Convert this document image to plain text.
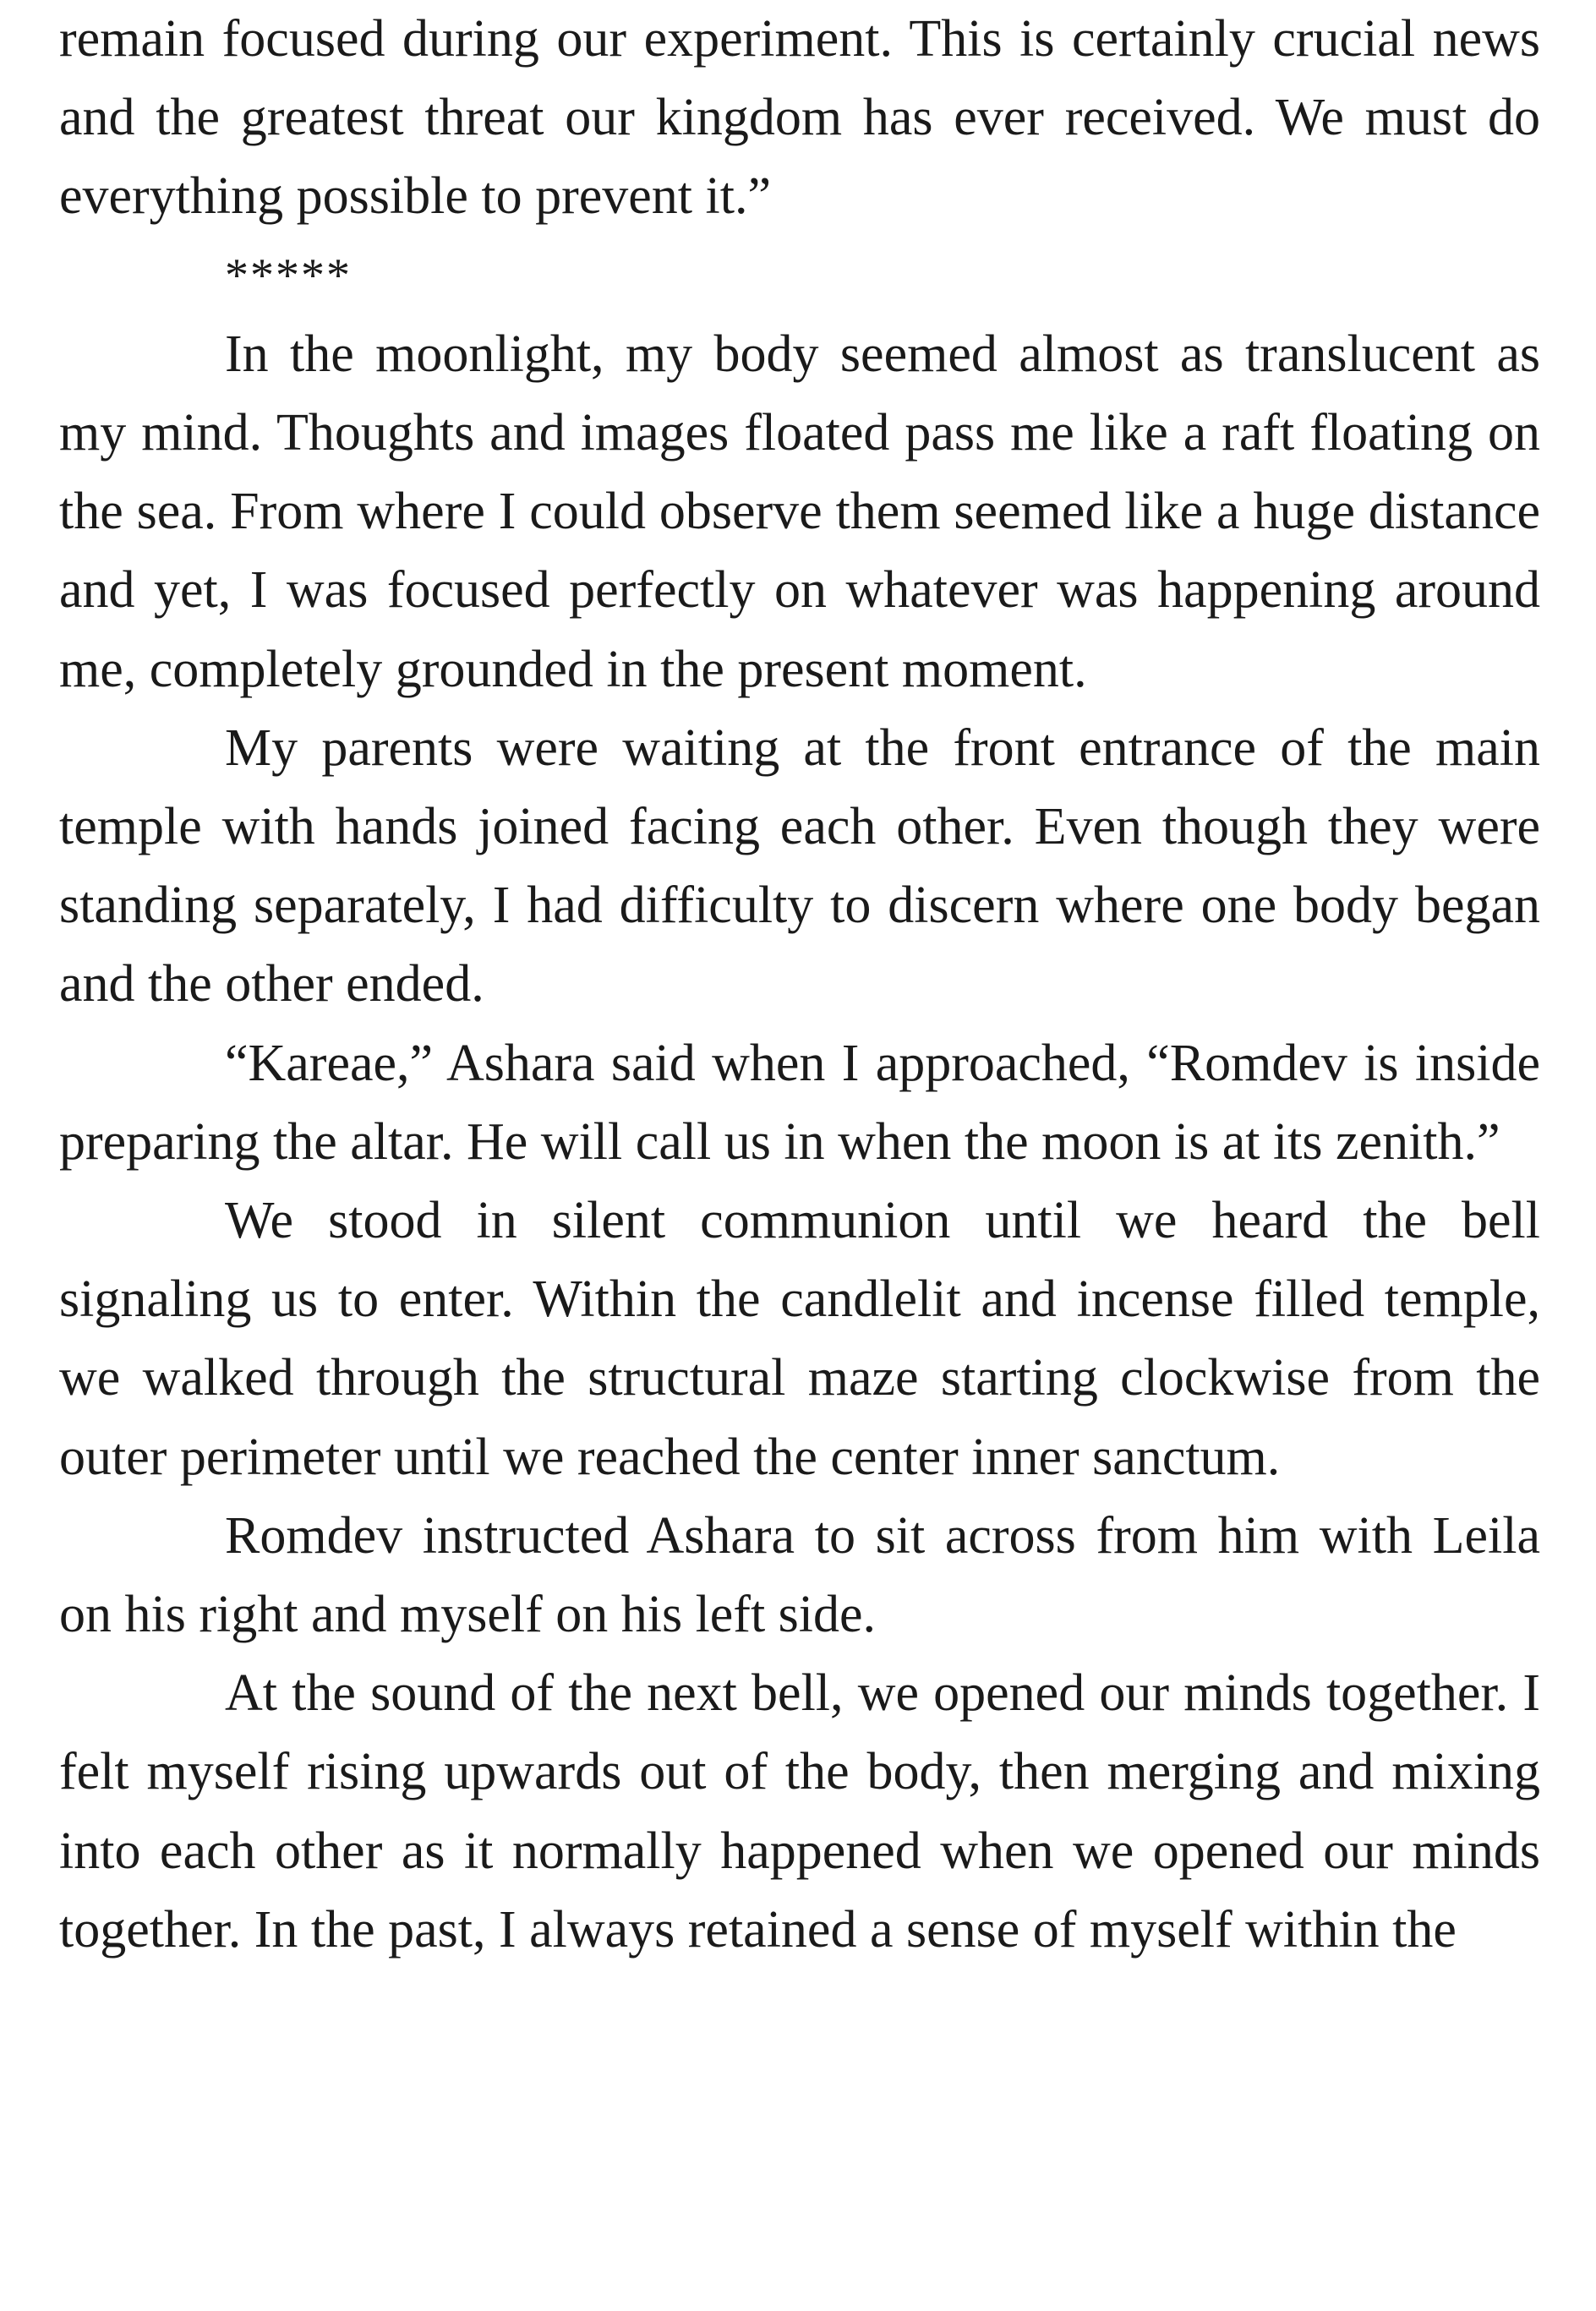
remain focused during our experiment. This is certainly crucial news and the greatest threat our kingdom has ever received. We must do everything possible to prevent it.”

*****

In the moonlight, my body seemed almost as translucent as my mind. Thoughts and images floated pass me like a raft floating on the sea. From where I could observe them seemed like a huge distance and yet, I was focused perfectly on whatever was happening around me, completely grounded in the present moment.

My parents were waiting at the front entrance of the main temple with hands joined facing each other. Even though they were standing separately, I had difficulty to discern where one body began and the other ended.

“Kareae,” Ashara said when I approached, “Romdev is inside preparing the altar. He will call us in when the moon is at its zenith.”

We stood in silent communion until we heard the bell signaling us to enter. Within the candlelit and incense filled temple, we walked through the structural maze starting clockwise from the outer perimeter until we reached the center inner sanctum.

Romdev instructed Ashara to sit across from him with Leila on his right and myself on his left side.

At the sound of the next bell, we opened our minds together. I felt myself rising upwards out of the body, then merging and mixing into each other as it normally happened when we opened our minds together. In the past, I always retained a sense of myself within the
